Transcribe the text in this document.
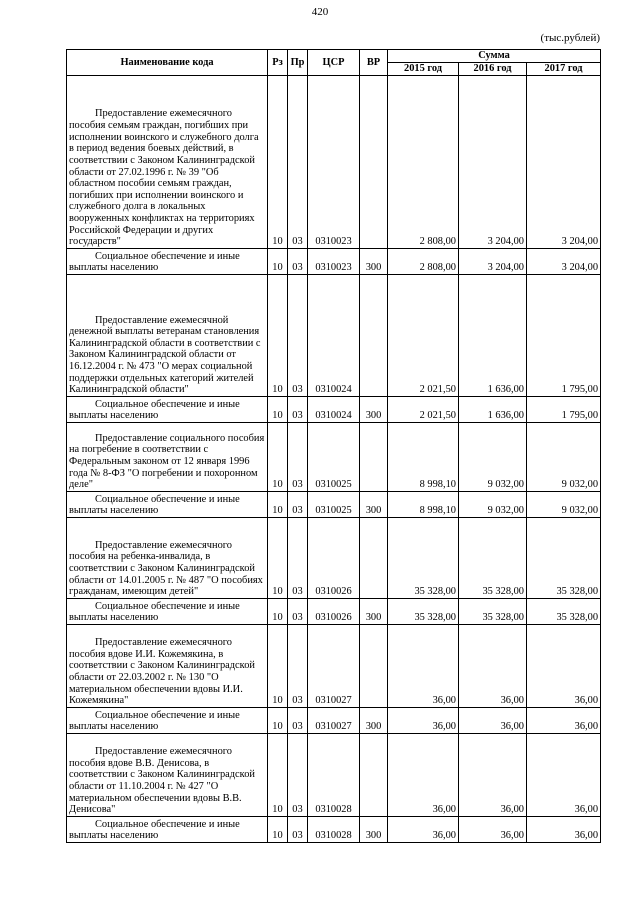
420
(тыс.рублей)
Наименование кода	Рз	Пр	ЦСР	ВР	Сумма		
					2015 год	2016 год	2017 год

Предоставление ежемесячного пособия семьям граждан, погибших при исполнении воинского и служебного долга в период ведения боевых действий, в соответствии с Законом Калининградской области от 27.02.1996 г. № 39 "Об областном пособии семьям граждан, погибших при исполнении воинского и служебного долга в локальных вооруженных конфликтах на территориях Российской Федерации и других государств"	10	03	0310023		2 808,00	3 204,00	3 204,00

Социальное обеспечение и иные выплаты населению	10	03	0310023	300	2 808,00	3 204,00	3 204,00

Предоставление ежемесячной денежной выплаты ветеранам становления Калининградской области в соответствии с Законом Калининградской области от 16.12.2004 г. № 473 "О мерах социальной поддержки отдельных категорий жителей Калининградской области"	10	03	0310024		2 021,50	1 636,00	1 795,00

Социальное обеспечение и иные выплаты населению	10	03	0310024	300	2 021,50	1 636,00	1 795,00

Предоставление социального пособия на погребение в соответствии с Федеральным законом от 12 января 1996 года № 8-ФЗ "О погребении и похоронном деле"	10	03	0310025		8 998,10	9 032,00	9 032,00

Социальное обеспечение и иные выплаты населению	10	03	0310025	300	8 998,10	9 032,00	9 032,00

Предоставление ежемесячного пособия на ребенка-инвалида, в соответствии с Законом Калининградской области от 14.01.2005 г. № 487 "О пособиях гражданам, имеющим детей"	10	03	0310026		35 328,00	35 328,00	35 328,00

Социальное обеспечение и иные выплаты населению	10	03	0310026	300	35 328,00	35 328,00	35 328,00

Предоставление ежемесячного пособия вдове И.И. Кожемякина, в соответствии с Законом Калининградской области от 22.03.2002 г. № 130 "О материальном обеспечении вдовы И.И. Кожемякина"	10	03	0310027		36,00	36,00	36,00

Социальное обеспечение и иные выплаты населению	10	03	0310027	300	36,00	36,00	36,00

Предоставление ежемесячного пособия вдове В.В. Денисова, в соответствии с Законом Калининградской области от 11.10.2004 г. № 427 "О материальном обеспечении вдовы В.В. Денисова"	10	03	0310028		36,00	36,00	36,00

Социальное обеспечение и иные выплаты населению	10	03	0310028	300	36,00	36,00	36,00
